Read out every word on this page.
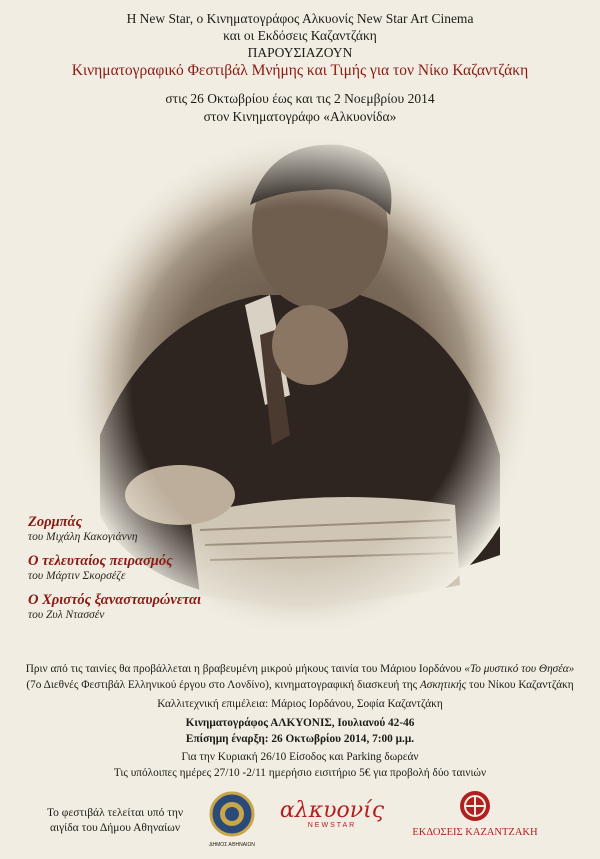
Η New Star, ο Κινηματογράφος Αλκυονίς New Star Art Cinema
και οι Εκδόσεις Καζαντζάκη
ΠΑΡΟΥΣΙΑΖΟΥΝ
Κινηματογραφικό Φεστιβάλ Μνήμης και Τιμής για τον Νίκο Καζαντζάκη
στις 26 Οκτωβρίου έως και τις 2 Νοεμβρίου 2014
στον Κινηματογράφο «Αλκυονίδα»
Ζορμπάς
του Μιχάλη Κακογιάννη
Ο τελευταίος πειρασμός
του Μάρτιν Σκορσέζε
Ο Χριστός ξανασταυρώνεται
του Ζυλ Ντασσέν
Πριν από τις ταινίες θα προβάλλεται η βραβευμένη μικρού μήκους ταινία του Μάριου Ιορδάνου «Το μυστικό του Θησέα»
(7ο Διεθνές Φεστιβάλ Ελληνικού έργου στο Λονδίνο), κινηματογραφική διασκευή της Ασκητικής του Νίκου Καζαντζάκη
Καλλιτεχνική επιμέλεια: Μάριος Ιορδάνου, Σοφία Καζαντζάκη
Κινηματογράφος ΑΛΚΥΟΝΙΣ, Ιουλιανού 42-46
Επίσημη έναρξη: 26 Οκτωβρίου 2014, 7:00 μ.μ.
Για την Κυριακή 26/10 Είσοδος και Parking δωρεάν
Τις υπόλοιπες ημέρες 27/10 -2/11 ημερήσιο εισιτήριο 5€ για προβολή δύο ταινιών
Το φεστιβάλ τελείται υπό την
αιγίδα του Δήμου Αθηναίων
ΔΗΜΟΣ ΑΘΗΝΑΙΩΝ
αλκυονίς
NEWSTAR
ΕΚΔΟΣΕΙΣ ΚΑΖΑΝΤΖΑΚΗ
